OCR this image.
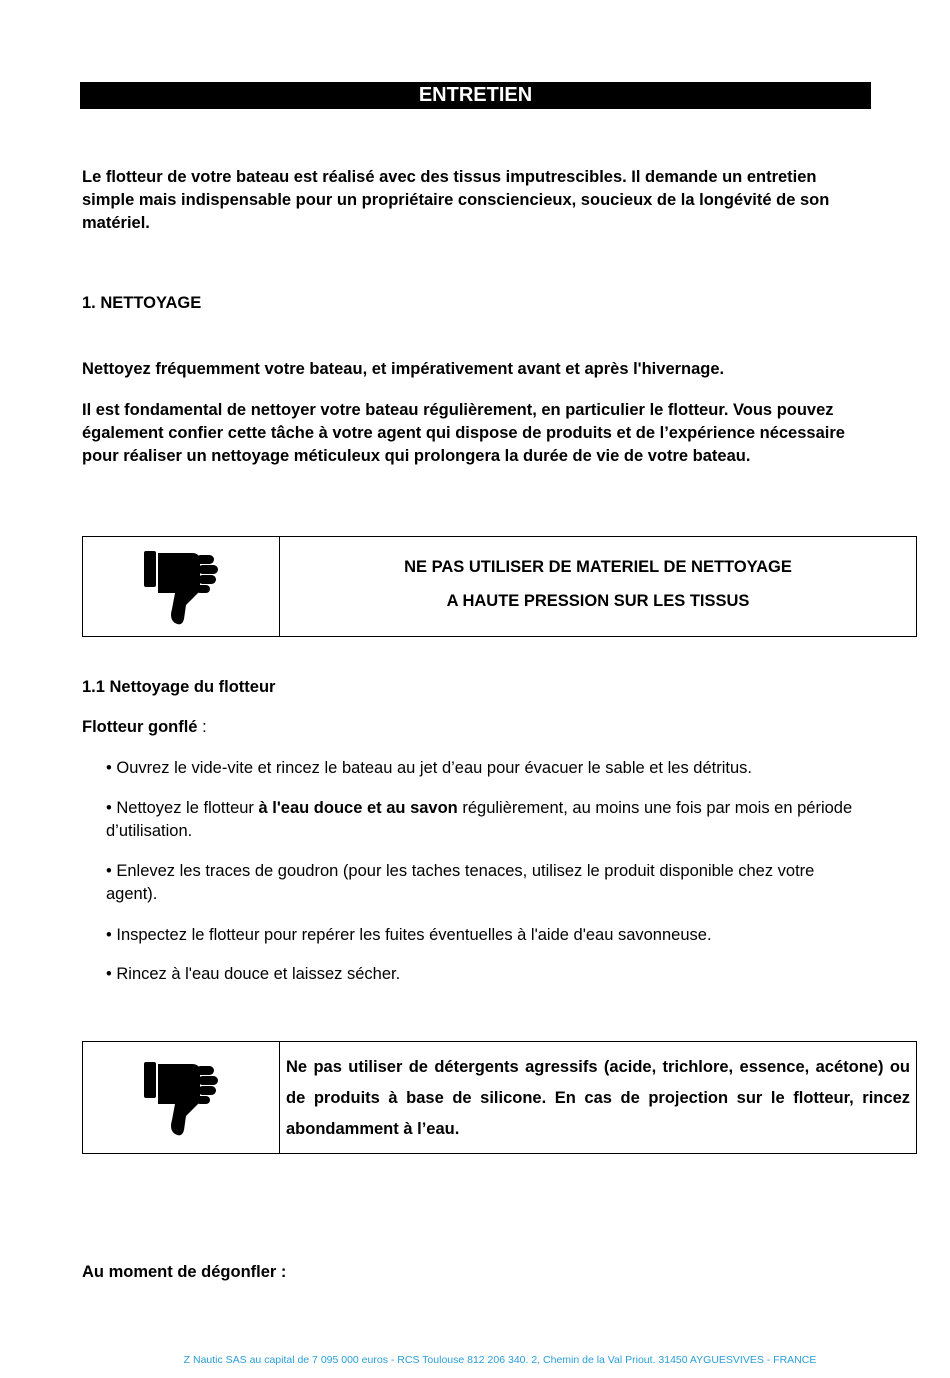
ENTRETIEN

Le flotteur de votre bateau est réalisé avec des tissus imputrescibles. Il demande un entretien simple mais indispensable pour un propriétaire consciencieux, soucieux de la longévité de son matériel.

1. NETTOYAGE

Nettoyez fréquemment votre bateau, et impérativement avant et après l'hivernage.

Il est fondamental de nettoyer votre bateau régulièrement, en particulier le flotteur. Vous pouvez également confier cette tâche à votre agent qui dispose de produits et de l’expérience nécessaire pour réaliser un nettoyage méticuleux qui prolongera la durée de vie de votre bateau.

NE PAS UTILISER DE MATERIEL DE NETTOYAGE
A HAUTE PRESSION SUR LES TISSUS

1.1 Nettoyage du flotteur

Flotteur gonflé :

• Ouvrez le vide-vite et rincez le bateau au jet d’eau pour évacuer le sable et les détritus.

• Nettoyez le flotteur à l'eau douce et au savon régulièrement, au moins une fois par mois en période d’utilisation.

• Enlevez les traces de goudron (pour les taches tenaces, utilisez le produit disponible chez votre agent).

• Inspectez le flotteur pour repérer les fuites éventuelles à l'aide d'eau savonneuse.

• Rincez à l'eau douce et laissez sécher.

Ne pas utiliser de détergents agressifs (acide, trichlore, essence, acétone) ou de produits à base de silicone. En cas de projection sur le flotteur, rincez abondamment à l’eau.

Au moment de dégonfler :

Z Nautic SAS au capital de 7 095 000 euros - RCS Toulouse 812 206 340. 2, Chemin de la Val Priout. 31450 AYGUESVIVES - FRANCE
